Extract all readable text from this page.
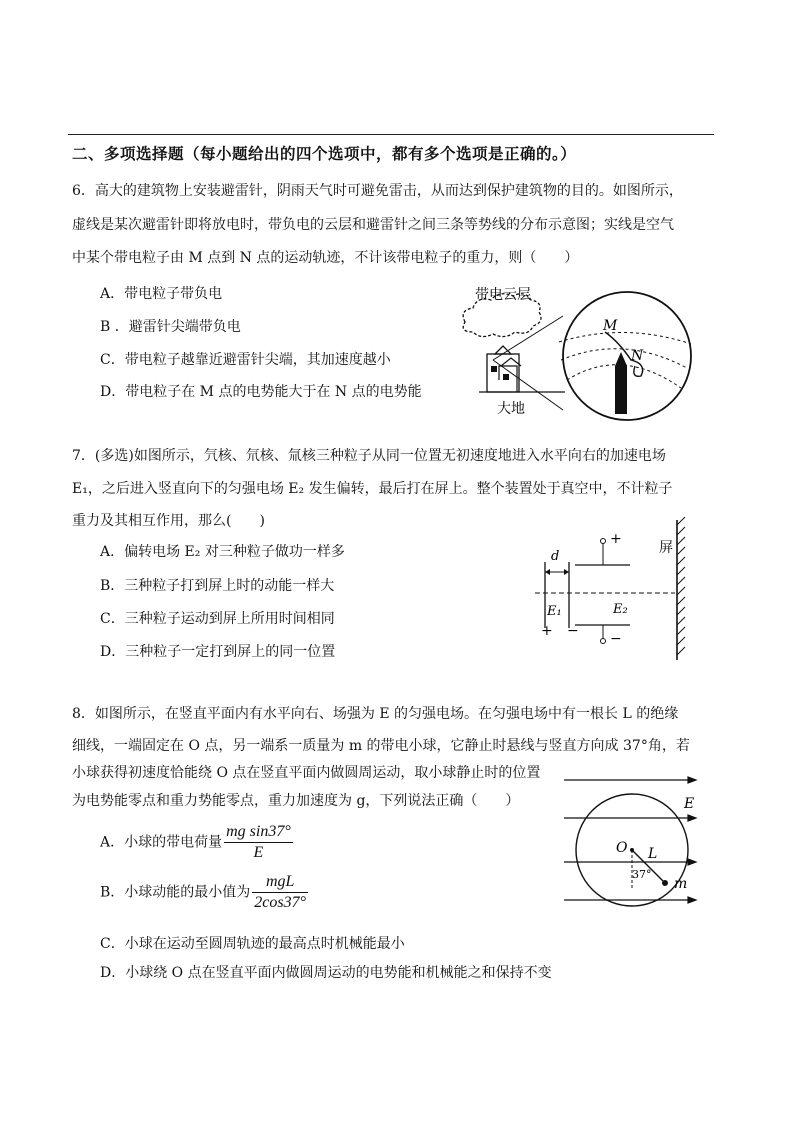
二、多项选择题（每小题给出的四个选项中，都有多个选项是正确的。）
6．高大的建筑物上安装避雷针，阴雨天气时可避免雷击，从而达到保护建筑物的目的。如图所示，
虚线是某次避雷针即将放电时，带负电的云层和避雷针之间三条等势线的分布示意图；实线是空气
中某个带电粒子由 M 点到 N 点的运动轨迹，不计该带电粒子的重力，则（　　）
A．带电粒子带负电
B ．避雷针尖端带负电
C．带电粒子越靠近避雷针尖端，其加速度越小
D．带电粒子在 M 点的电势能大于在 N 点的电势能
带电云层
大地
M
N
7．(多选)如图所示，氕核、氘核、氚核三种粒子从同一位置无初速度地进入水平向右的加速电场
E₁，之后进入竖直向下的匀强电场 E₂ 发生偏转，最后打在屏上。整个装置处于真空中，不计粒子
重力及其相互作用，那么(　　)
A．偏转电场 E₂ 对三种粒子做功一样多
B．三种粒子打到屏上时的动能一样大
C．三种粒子运动到屏上所用时间相同
D．三种粒子一定打到屏上的同一位置
屏
d
+
−
E₁	E₂
+ −
8．如图所示，在竖直平面内有水平向右、场强为 E 的匀强电场。在匀强电场中有一根长 L 的绝缘
细线，一端固定在 O 点，另一端系一质量为 m 的带电小球，它静止时悬线与竖直方向成 37°角，若
小球获得初速度恰能绕 O 点在竖直平面内做圆周运动，取小球静止时的位置
为电势能零点和重力势能零点，重力加速度为 g，下列说法正确（　　）
A．小球的带电荷量 $\frac{\text{mg sin37°}}{E}$
B．小球动能的最小值为 $\frac{\text{mgL}}{2\cos 37^\circ}$
C．小球在运动至圆周轨迹的最高点时机械能最小
D．小球绕 O 点在竖直平面内做圆周运动的电势能和机械能之和保持不变
E
O L
37°
m
